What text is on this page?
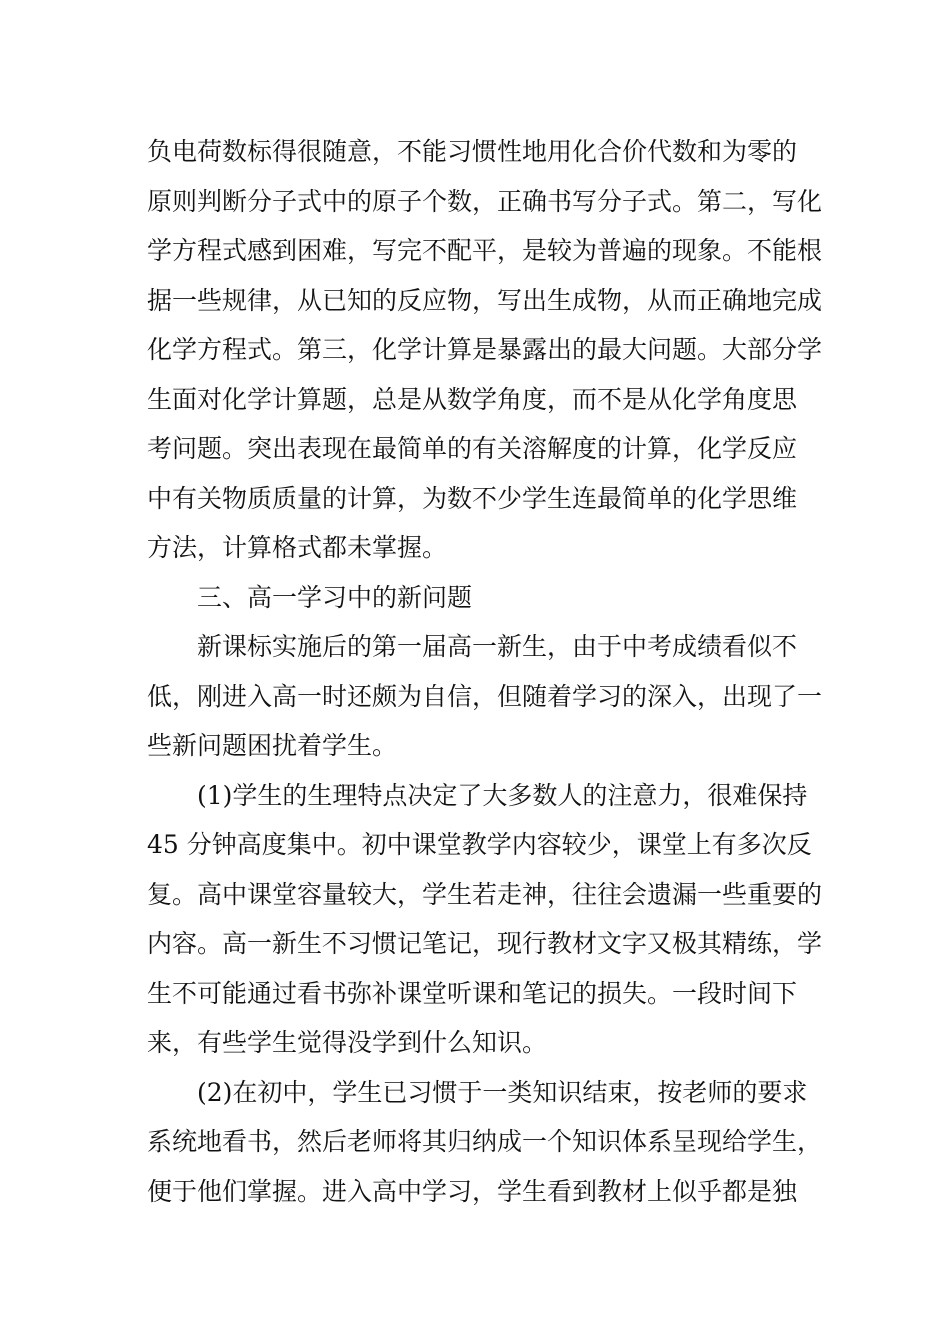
负电荷数标得很随意，不能习惯性地用化合价代数和为零的
原则判断分子式中的原子个数，正确书写分子式。第二，写化
学方程式感到困难，写完不配平，是较为普遍的现象。不能根
据一些规律，从已知的反应物，写出生成物，从而正确地完成
化学方程式。第三，化学计算是暴露出的最大问题。大部分学
生面对化学计算题，总是从数学角度，而不是从化学角度思
考问题。突出表现在最简单的有关溶解度的计算，化学反应
中有关物质质量的计算，为数不少学生连最简单的化学思维
方法，计算格式都未掌握。
三、高一学习中的新问题
新课标实施后的第一届高一新生，由于中考成绩看似不
低，刚进入高一时还颇为自信，但随着学习的深入，出现了一
些新问题困扰着学生。
(1)学生的生理特点决定了大多数人的注意力，很难保持
45 分钟高度集中。初中课堂教学内容较少，课堂上有多次反
复。高中课堂容量较大，学生若走神，往往会遗漏一些重要的
内容。高一新生不习惯记笔记，现行教材文字又极其精练，学
生不可能通过看书弥补课堂听课和笔记的损失。一段时间下
来，有些学生觉得没学到什么知识。
(2)在初中，学生已习惯于一类知识结束，按老师的要求
系统地看书，然后老师将其归纳成一个知识体系呈现给学生，
便于他们掌握。进入高中学习，学生看到教材上似乎都是独
